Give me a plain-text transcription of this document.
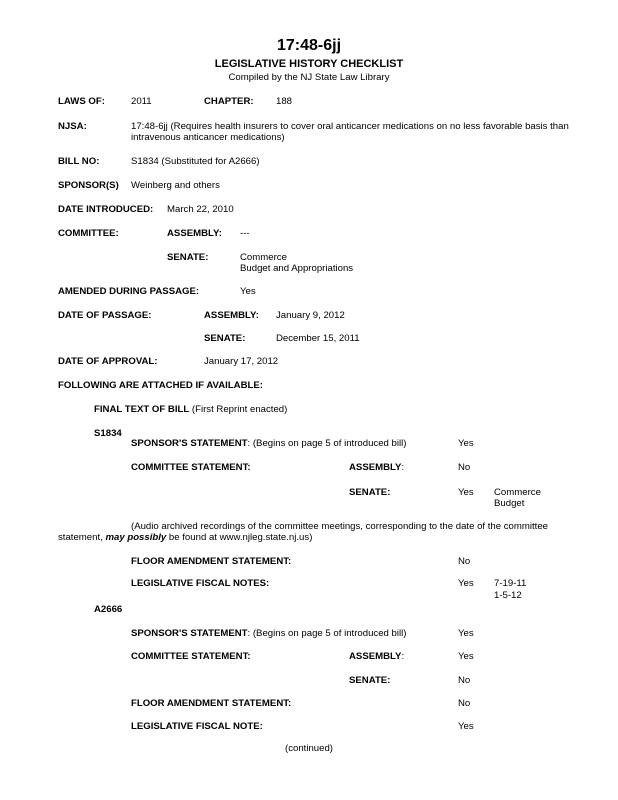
17:48-6jj
LEGISLATIVE HISTORY CHECKLIST
Compiled by the NJ State Law Library
LAWS OF:	2011	CHAPTER: 188
NJSA:	17:48-6jj (Requires health insurers to cover oral anticancer medications on no less favorable basis than
intravenous anticancer medications)
BILL NO:	S1834 (Substituted for A2666)
SPONSOR(S) Weinberg and others
DATE INTRODUCED: March 22, 2010
COMMITTEE:	ASSEMBLY: ---
SENATE:	Commerce
Budget and Appropriations
AMENDED DURING PASSAGE:	Yes
DATE OF PASSAGE:	ASSEMBLY: January 9, 2012
SENATE:	December 15, 2011
DATE OF APPROVAL:	January 17, 2012
FOLLOWING ARE ATTACHED IF AVAILABLE:
FINAL TEXT OF BILL (First Reprint enacted)
S1834
SPONSOR'S STATEMENT: (Begins on page 5 of introduced bill)	Yes
COMMITTEE STATEMENT:	ASSEMBLY:	No
SENATE:	Yes Commerce
Budget
(Audio archived recordings of the committee meetings, corresponding to the date of the committee
statement, may possibly be found at www.njleg.state.nj.us)
FLOOR AMENDMENT STATEMENT:	No
LEGISLATIVE FISCAL NOTES:	Yes 7-19-11
1-5-12
A2666
SPONSOR'S STATEMENT: (Begins on page 5 of introduced bill)	Yes
COMMITTEE STATEMENT:	ASSEMBLY:	Yes
SENATE:	No
FLOOR AMENDMENT STATEMENT:	No
LEGISLATIVE FISCAL NOTE:	Yes
(continued)
